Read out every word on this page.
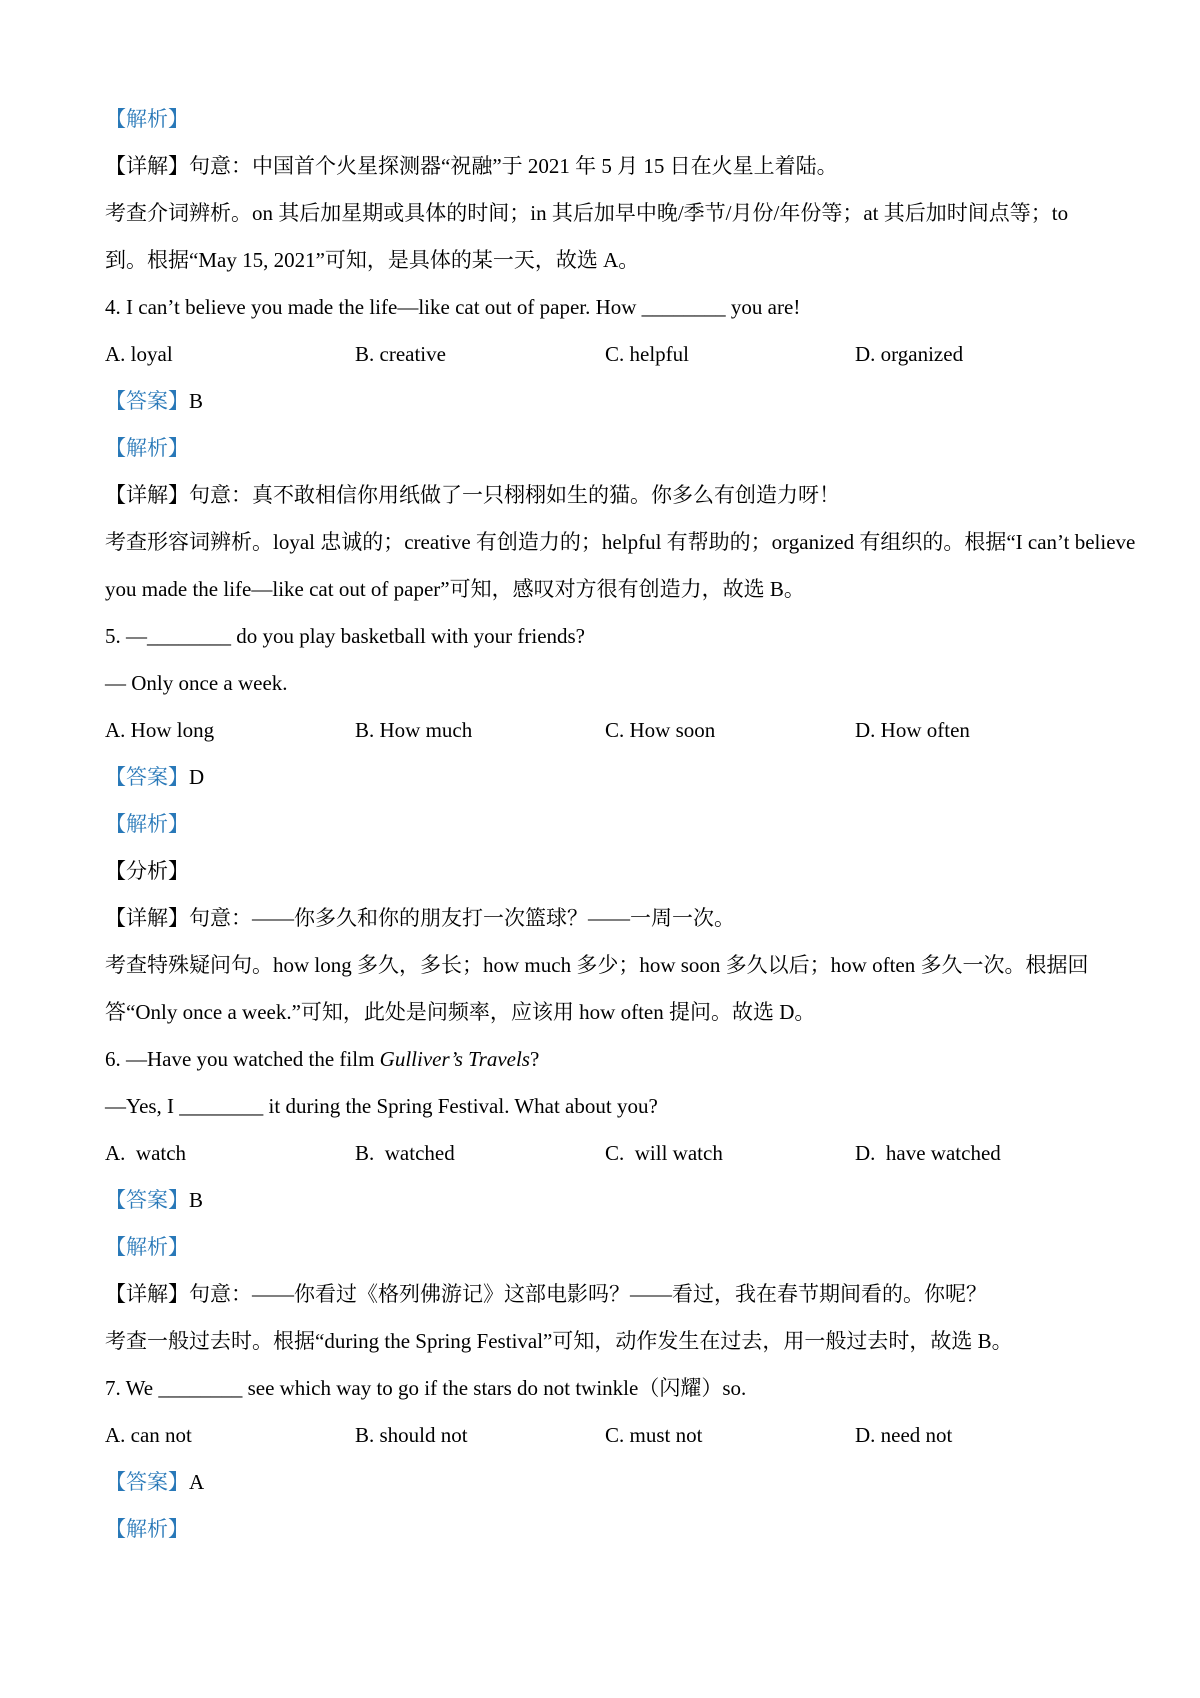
【解析】
【详解】句意：中国首个火星探测器“祝融”于 2021 年 5 月 15 日在火星上着陆。
考查介词辨析。on 其后加星期或具体的时间；in 其后加早中晚/季节/月份/年份等；at 其后加时间点等；to
到。根据“May 15, 2021”可知，是具体的某一天，故选 A。
4. I can’t believe you made the life—like cat out of paper. How ________ you are!
A. loyal	B. creative	C. helpful	D. organized
【答案】B
【解析】
【详解】句意：真不敢相信你用纸做了一只栩栩如生的猫。你多么有创造力呀！
考查形容词辨析。loyal 忠诚的；creative 有创造力的；helpful 有帮助的；organized 有组织的。根据“I can’t believe
you made the life—like cat out of paper”可知，感叹对方很有创造力，故选 B。
5. —________ do you play basketball with your friends?
— Only once a week.
A. How long	B. How much	C. How soon	D. How often
【答案】D
【解析】
【分析】
【详解】句意：——你多久和你的朋友打一次篮球？——一周一次。
考查特殊疑问句。how long 多久，多长；how much 多少；how soon 多久以后；how often 多久一次。根据回
答“Only once a week.”可知，此处是问频率，应该用 how often 提问。故选 D。
6. —Have you watched the film Gulliver’s Travels?
—Yes, I ________ it during the Spring Festival. What about you?
A.  watch	B.  watched	C.  will watch	D.  have watched
【答案】B
【解析】
【详解】句意：——你看过《格列佛游记》这部电影吗？——看过，我在春节期间看的。你呢？
考查一般过去时。根据“during the Spring Festival”可知，动作发生在过去，用一般过去时，故选 B。
7. We ________ see which way to go if the stars do not twinkle（闪耀）so.
A. can not	B. should not	C. must not	D. need not
【答案】A
【解析】
